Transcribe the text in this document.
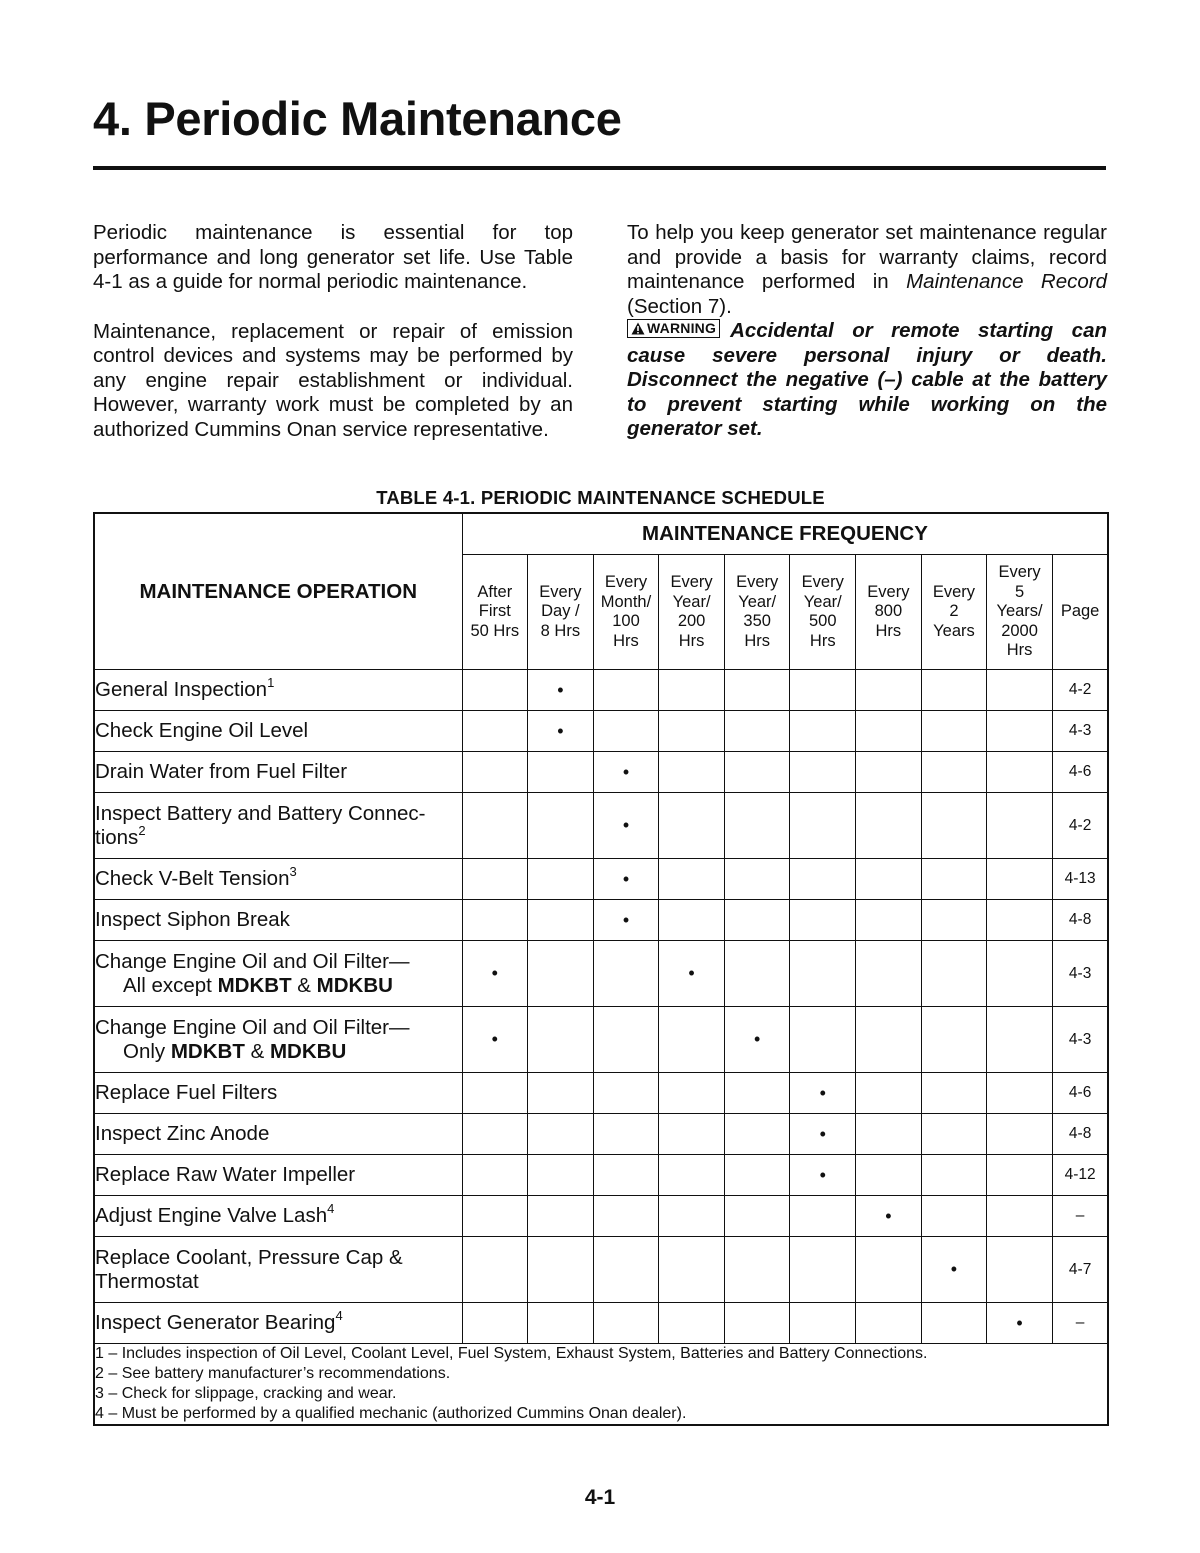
4. Periodic Maintenance

Periodic maintenance is essential for top performance and long generator set life. Use Table 4-1 as a guide for normal periodic maintenance.

Maintenance, replacement or repair of emission control devices and systems may be performed by any engine repair establishment or individual. However, warranty work must be completed by an authorized Cummins Onan service representative.

To help you keep generator set maintenance regular and provide a basis for warranty claims, record maintenance performed in Maintenance Record (Section 7).

WARNING Accidental or remote starting can cause severe personal injury or death. Disconnect the negative (–) cable at the battery to prevent starting while working on the generator set.

TABLE 4-1. PERIODIC MAINTENANCE SCHEDULE
MAINTENANCE OPERATION	MAINTENANCE FREQUENCY									
	After
First
50 Hrs	Every
Day /
8 Hrs	Every
Month/
100
Hrs	Every
Year/
200
Hrs	Every
Year/
350
Hrs	Every
Year/
500
Hrs	Every
800
Hrs	Every
2
Years	Every
5
Years/
2000
Hrs	Page
General Inspection$^1$		•								4-2
Check Engine Oil Level		•								4-3
Drain Water from Fuel Filter			•							4-6
Inspect Battery and Battery Connec-
tions$^2$			•							4-2
Check V-Belt Tension$^3$			•							4-13
Inspect Siphon Break			•							4-8
Change Engine Oil and Oil Filter—
All except MDKBT & MDKBU	•			•						4-3
Change Engine Oil and Oil Filter—
Only MDKBT & MDKBU	•				•					4-3
Replace Fuel Filters						•				4-6
Inspect Zinc Anode						•				4-8
Replace Raw Water Impeller						•				4-12
Adjust Engine Valve Lash$^4$							•			–
Replace Coolant, Pressure Cap &
Thermostat								•		4-7
Inspect Generator Bearing$^4$									•	–

1 – Includes inspection of Oil Level, Coolant Level, Fuel System, Exhaust System, Batteries and Battery Connections.
2 – See battery manufacturer’s recommendations.
3 – Check for slippage, cracking and wear.
4 – Must be performed by a qualified mechanic (authorized Cummins Onan dealer).										
4-1
